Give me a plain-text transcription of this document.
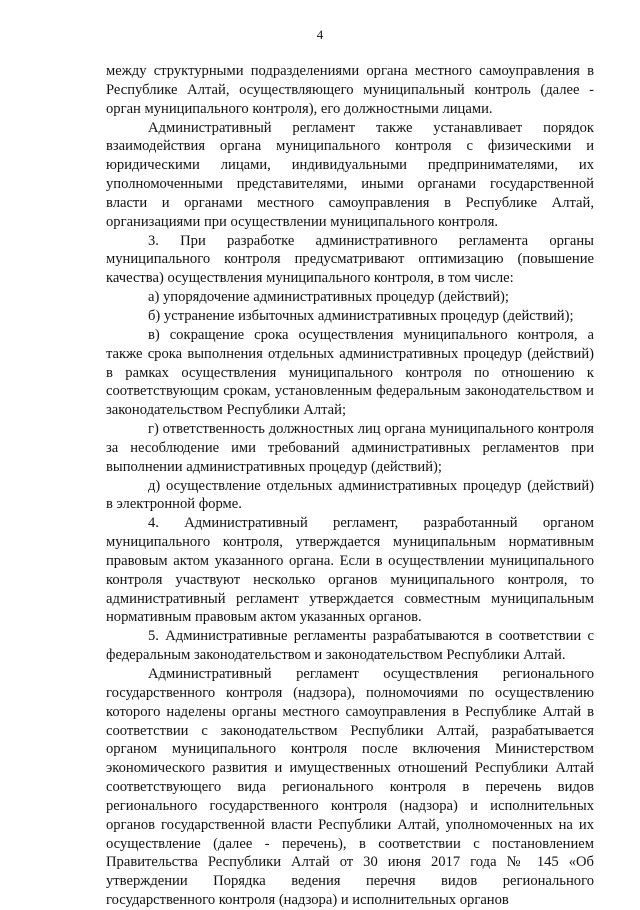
4

между структурными подразделениями органа местного самоуправления в Республике Алтай, осуществляющего муниципальный контроль (далее - орган муниципального контроля), его должностными лицами.

Административный регламент также устанавливает порядок взаимодействия органа муниципального контроля с физическими и юридическими лицами, индивидуальными предпринимателями, их уполномоченными представителями, иными органами государственной власти и органами местного самоуправления в Республике Алтай, организациями при осуществлении муниципального контроля.

3. При разработке административного регламента органы муниципального контроля предусматривают оптимизацию (повышение качества) осуществления муниципального контроля, в том числе:

а) упорядочение административных процедур (действий);

б) устранение избыточных административных процедур (действий);

в) сокращение срока осуществления муниципального контроля, а также срока выполнения отдельных административных процедур (действий) в рамках осуществления муниципального контроля по отношению к соответствующим срокам, установленным федеральным законодательством и законодательством Республики Алтай;

г) ответственность должностных лиц органа муниципального контроля за несоблюдение ими требований административных регламентов при выполнении административных процедур (действий);

д) осуществление отдельных административных процедур (действий) в электронной форме.

4. Административный регламент, разработанный органом муниципального контроля, утверждается муниципальным нормативным правовым актом указанного органа. Если в осуществлении муниципального контроля участвуют несколько органов муниципального контроля, то административный регламент утверждается совместным муниципальным нормативным правовым актом указанных органов.

5. Административные регламенты разрабатываются в соответствии с федеральным законодательством и законодательством Республики Алтай.

Административный регламент осуществления регионального государственного контроля (надзора), полномочиями по осуществлению которого наделены органы местного самоуправления в Республике Алтай в соответствии с законодательством Республики Алтай, разрабатывается органом муниципального контроля после включения Министерством экономического развития и имущественных отношений Республики Алтай соответствующего вида регионального контроля в перечень видов регионального государственного контроля (надзора) и исполнительных органов государственной власти Республики Алтай, уполномоченных на их осуществление (далее - перечень), в соответствии с постановлением Правительства Республики Алтай от 30 июня 2017 года № 145 «Об утверждении Порядка ведения перечня видов регионального государственного контроля (надзора) и исполнительных органов
